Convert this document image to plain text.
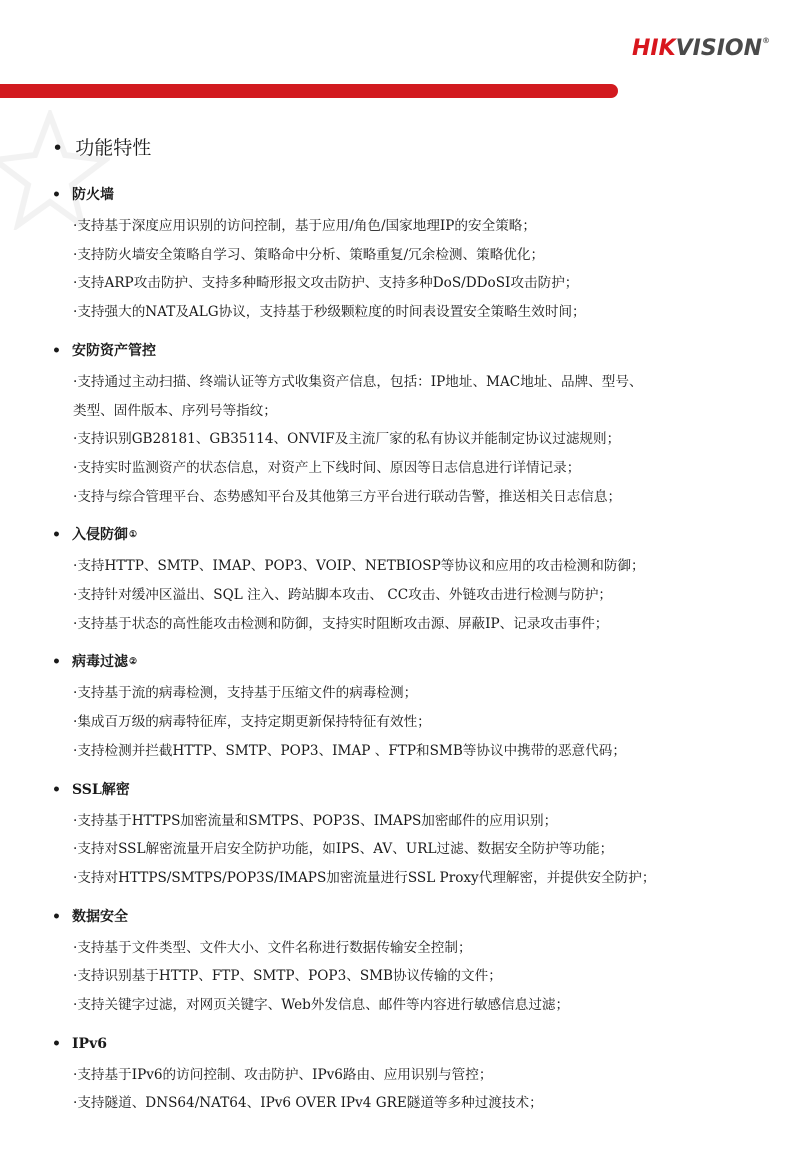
HIKVISION®
• 功能特性
• 防火墙

·支持基于深度应用识别的访问控制，基于应用/角色/国家地理IP的安全策略；

·支持防火墙安全策略自学习、策略命中分析、策略重复/冗余检测、策略优化；

·支持ARP攻击防护、支持多种畸形报文攻击防护、支持多种DoS/DDoSI攻击防护；

·支持强大的NAT及ALG协议，支持基于秒级颗粒度的时间表设置安全策略生效时间；

• 安防资产管控

·支持通过主动扫描、终端认证等方式收集资产信息，包括：IP地址、MAC地址、品牌、型号、

类型、固件版本、序列号等指纹；

·支持识别GB28181、GB35114、ONVIF及主流厂家的私有协议并能制定协议过滤规则；

·支持实时监测资产的状态信息，对资产上下线时间、原因等日志信息进行详情记录；

·支持与综合管理平台、态势感知平台及其他第三方平台进行联动告警，推送相关日志信息；

• 入侵防御 ①

·支持HTTP、SMTP、IMAP、POP3、VOIP、NETBIOSP等协议和应用的攻击检测和防御；

·支持针对缓冲区溢出、SQL 注入、跨站脚本攻击、 CC攻击、外链攻击进行检测与防护；

·支持基于状态的高性能攻击检测和防御，支持实时阻断攻击源、屏蔽IP、记录攻击事件；

• 病毒过滤 ②

·支持基于流的病毒检测，支持基于压缩文件的病毒检测；

·集成百万级的病毒特征库，支持定期更新保持特征有效性；

·支持检测并拦截HTTP、SMTP、POP3、IMAP 、FTP和SMB等协议中携带的恶意代码；

• SSL解密

·支持基于HTTPS加密流量和SMTPS、POP3S、IMAPS加密邮件的应用识别；

·支持对SSL解密流量开启安全防护功能，如IPS、AV、URL过滤、数据安全防护等功能；

·支持对HTTPS/SMTPS/POP3S/IMAPS加密流量进行SSL Proxy代理解密，并提供安全防护；

• 数据安全

·支持基于文件类型、文件大小、文件名称进行数据传输安全控制；

·支持识别基于HTTP、FTP、SMTP、POP3、SMB协议传输的文件；

·支持关键字过滤，对网页关键字、Web外发信息、邮件等内容进行敏感信息过滤；

• IPv6

·支持基于IPv6的访问控制、攻击防护、IPv6路由、应用识别与管控；

·支持隧道、DNS64/NAT64、IPv6 OVER IPv4 GRE隧道等多种过渡技术；
